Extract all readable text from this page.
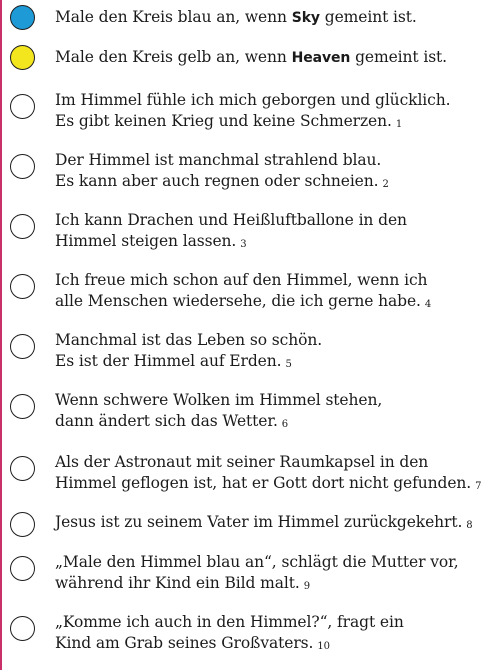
Male den Kreis blau an, wenn Sky gemeint ist.
Male den Kreis gelb an, wenn Heaven gemeint ist.
Im Himmel fühle ich mich geborgen und glücklich.
Es gibt keinen Krieg und keine Schmerzen. 1
Der Himmel ist manchmal strahlend blau.
Es kann aber auch regnen oder schneien. 2
Ich kann Drachen und Heißluftballone in den
Himmel steigen lassen. 3
Ich freue mich schon auf den Himmel, wenn ich
alle Menschen wiedersehe, die ich gerne habe. 4
Manchmal ist das Leben so schön.
Es ist der Himmel auf Erden. 5
Wenn schwere Wolken im Himmel stehen,
dann ändert sich das Wetter. 6
Als der Astronaut mit seiner Raumkapsel in den
Himmel geflogen ist, hat er Gott dort nicht gefunden. 7
Jesus ist zu seinem Vater im Himmel zurückgekehrt. 8
„Male den Himmel blau an“, schlägt die Mutter vor,
während ihr Kind ein Bild malt. 9
„Komme ich auch in den Himmel?“, fragt ein
Kind am Grab seines Großvaters. 10
